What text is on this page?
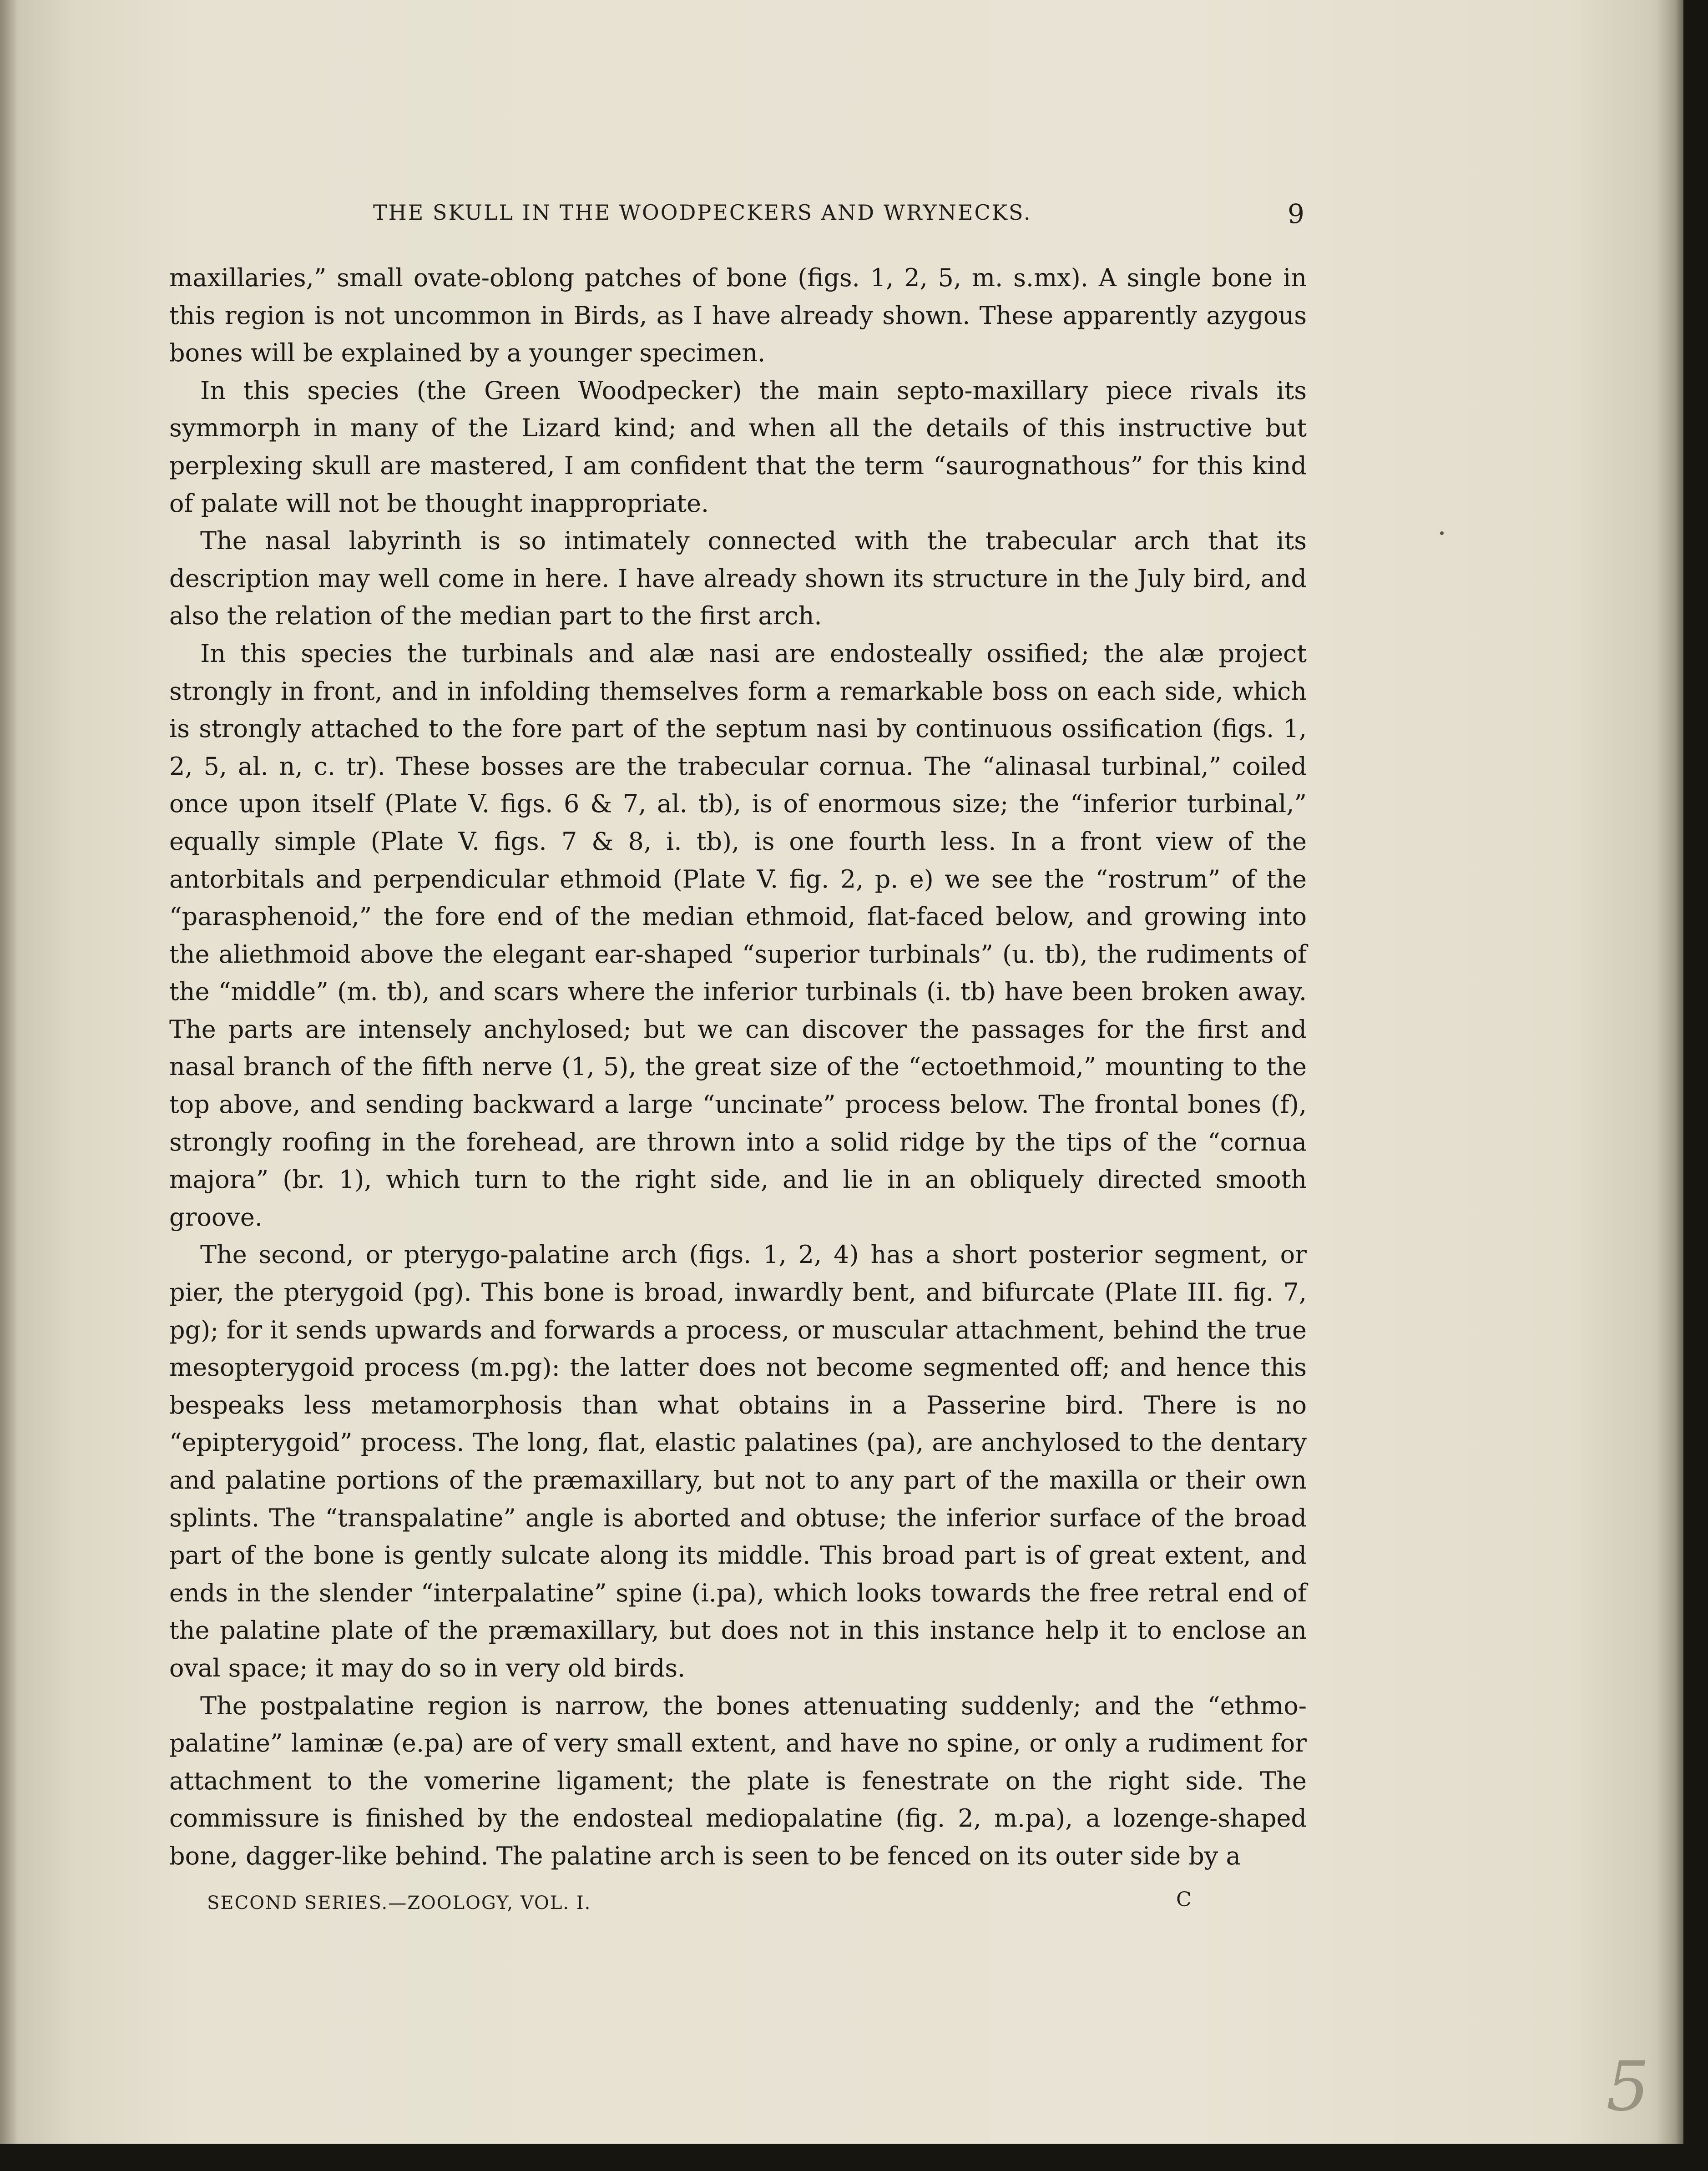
THE SKULL IN THE WOODPECKERS AND WRYNECKS.	9

maxillaries,” small ovate-oblong patches of bone (figs. 1, 2, 5, m. s.mx). A single bone in this region is not uncommon in Birds, as I have already shown. These apparently azygous bones will be explained by a younger specimen.

In this species (the Green Woodpecker) the main septo-maxillary piece rivals its symmorph in many of the Lizard kind; and when all the details of this instructive but perplexing skull are mastered, I am confident that the term “saurognathous” for this kind of palate will not be thought inappropriate.

The nasal labyrinth is so intimately connected with the trabecular arch that its description may well come in here. I have already shown its structure in the July bird, and also the relation of the median part to the first arch.

In this species the turbinals and alæ nasi are endosteally ossified; the alæ project strongly in front, and in infolding themselves form a remarkable boss on each side, which is strongly attached to the fore part of the septum nasi by continuous ossification (figs. 1, 2, 5, al. n, c. tr). These bosses are the trabecular cornua. The “alinasal turbinal,” coiled once upon itself (Plate V. figs. 6 & 7, al. tb), is of enormous size; the “inferior turbinal,” equally simple (Plate V. figs. 7 & 8, i. tb), is one fourth less. In a front view of the antorbitals and perpendicular ethmoid (Plate V. fig. 2, p. e) we see the “rostrum” of the “parasphenoid,” the fore end of the median ethmoid, flat-faced below, and growing into the aliethmoid above the elegant ear-shaped “superior turbinals” (u. tb), the rudiments of the “middle” (m. tb), and scars where the inferior turbinals (i. tb) have been broken away. The parts are intensely anchylosed; but we can discover the passages for the first and nasal branch of the fifth nerve (1, 5), the great size of the “ectoethmoid,” mounting to the top above, and sending backward a large “uncinate” process below. The frontal bones (f), strongly roofing in the forehead, are thrown into a solid ridge by the tips of the “cornua majora” (br. 1), which turn to the right side, and lie in an obliquely directed smooth groove.

The second, or pterygo-palatine arch (figs. 1, 2, 4) has a short posterior segment, or pier, the pterygoid (pg). This bone is broad, inwardly bent, and bifurcate (Plate III. fig. 7, pg); for it sends upwards and forwards a process, or muscular attachment, behind the true mesopterygoid process (m.pg): the latter does not become segmented off; and hence this bespeaks less metamorphosis than what obtains in a Passerine bird. There is no “epipterygoid” process. The long, flat, elastic palatines (pa), are anchylosed to the dentary and palatine portions of the præmaxillary, but not to any part of the maxilla or their own splints. The “transpalatine” angle is aborted and obtuse; the inferior surface of the broad part of the bone is gently sulcate along its middle. This broad part is of great extent, and ends in the slender “interpalatine” spine (i.pa), which looks towards the free retral end of the palatine plate of the præmaxillary, but does not in this instance help it to enclose an oval space; it may do so in very old birds.

The postpalatine region is narrow, the bones attenuating suddenly; and the “ethmo-palatine” laminæ (e.pa) are of very small extent, and have no spine, or only a rudiment for attachment to the vomerine ligament; the plate is fenestrate on the right side. The commissure is finished by the endosteal mediopalatine (fig. 2, m.pa), a lozenge-shaped bone, dagger-like behind. The palatine arch is seen to be fenced on its outer side by a

SECOND SERIES.—ZOOLOGY, VOL. I.	C
5
